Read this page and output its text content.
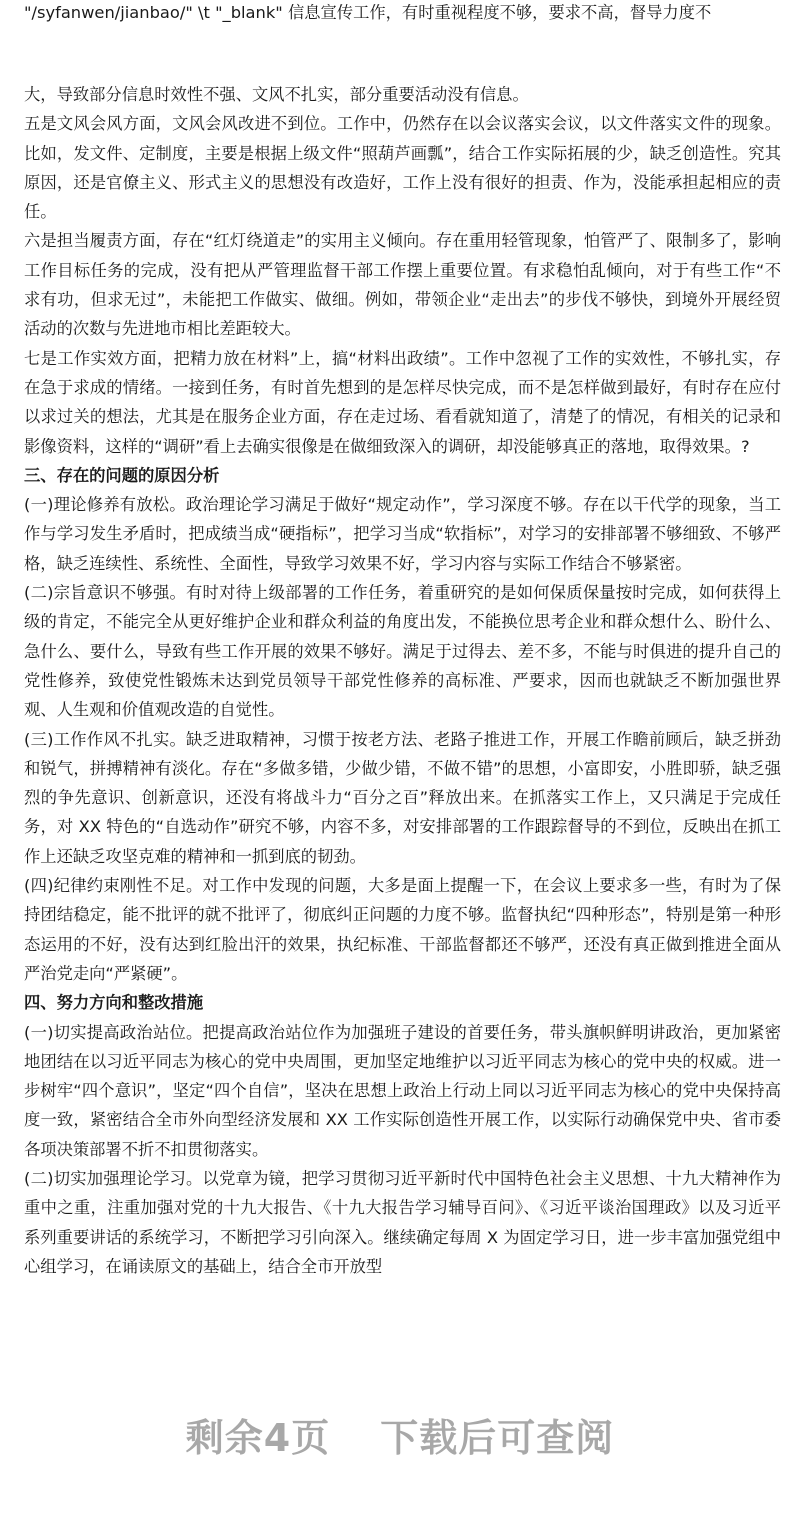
"/syfanwen/jianbao/" \t "_blank" 信息宣传工作，有时重视程度不够，要求不高，督导力度不

大，导致部分信息时效性不强、文风不扎实，部分重要活动没有信息。

五是文风会风方面，文风会风改进不到位。工作中，仍然存在以会议落实会议，以文件落实文件的现象。比如，发文件、定制度，主要是根据上级文件“照葫芦画瓢”，结合工作实际拓展的少，缺乏创造性。究其原因，还是官僚主义、形式主义的思想没有改造好，工作上没有很好的担责、作为，没能承担起相应的责任。

六是担当履责方面，存在“红灯绕道走”的实用主义倾向。存在重用轻管现象，怕管严了、限制多了，影响工作目标任务的完成，没有把从严管理监督干部工作摆上重要位置。有求稳怕乱倾向，对于有些工作“不求有功，但求无过”，未能把工作做实、做细。例如，带领企业“走出去”的步伐不够快，到境外开展经贸活动的次数与先进地市相比差距较大。

七是工作实效方面，把精力放在材料”上，搞“材料出政绩”。工作中忽视了工作的实效性，不够扎实，存在急于求成的情绪。一接到任务，有时首先想到的是怎样尽快完成，而不是怎样做到最好，有时存在应付以求过关的想法，尤其是在服务企业方面，存在走过场、看看就知道了，清楚了的情况，有相关的记录和影像资料，这样的“调研”看上去确实很像是在做细致深入的调研，却没能够真正的落地，取得效果。?

三、存在的问题的原因分析

(一)理论修养有放松。政治理论学习满足于做好“规定动作”，学习深度不够。存在以干代学的现象，当工作与学习发生矛盾时，把成绩当成“硬指标”，把学习当成“软指标”，对学习的安排部署不够细致、不够严格，缺乏连续性、系统性、全面性，导致学习效果不好，学习内容与实际工作结合不够紧密。

(二)宗旨意识不够强。有时对待上级部署的工作任务，着重研究的是如何保质保量按时完成，如何获得上级的肯定，不能完全从更好维护企业和群众利益的角度出发，不能换位思考企业和群众想什么、盼什么、急什么、要什么，导致有些工作开展的效果不够好。满足于过得去、差不多，不能与时俱进的提升自己的党性修养，致使党性锻炼未达到党员领导干部党性修养的高标准、严要求，因而也就缺乏不断加强世界观、人生观和价值观改造的自觉性。

(三)工作作风不扎实。缺乏进取精神，习惯于按老方法、老路子推进工作，开展工作瞻前顾后，缺乏拼劲和锐气，拼搏精神有淡化。存在“多做多错，少做少错，不做不错”的思想，小富即安，小胜即骄，缺乏强烈的争先意识、创新意识，还没有将战斗力“百分之百”释放出来。在抓落实工作上，又只满足于完成任务，对 XX 特色的“自选动作”研究不够，内容不多，对安排部署的工作跟踪督导的不到位，反映出在抓工作上还缺乏攻坚克难的精神和一抓到底的韧劲。

(四)纪律约束刚性不足。对工作中发现的问题，大多是面上提醒一下，在会议上要求多一些，有时为了保持团结稳定，能不批评的就不批评了，彻底纠正问题的力度不够。监督执纪“四种形态”，特别是第一种形态运用的不好，没有达到红脸出汗的效果，执纪标准、干部监督都还不够严，还没有真正做到推进全面从严治党走向“严紧硬”。

四、努力方向和整改措施

(一)切实提高政治站位。把提高政治站位作为加强班子建设的首要任务，带头旗帜鲜明讲政治，更加紧密地团结在以习近平同志为核心的党中央周围，更加坚定地维护以习近平同志为核心的党中央的权威。进一步树牢“四个意识”，坚定“四个自信”，坚决在思想上政治上行动上同以习近平同志为核心的党中央保持高度一致，紧密结合全市外向型经济发展和 XX 工作实际创造性开展工作，以实际行动确保党中央、省市委各项决策部署不折不扣贯彻落实。

(二)切实加强理论学习。以党章为镜，把学习贯彻习近平新时代中国特色社会主义思想、十九大精神作为重中之重，注重加强对党的十九大报告、《十九大报告学习辅导百问》、《习近平谈治国理政》以及习近平系列重要讲话的系统学习，不断把学习引向深入。继续确定每周 X 为固定学习日，进一步丰富加强党组中心组学习，在诵读原文的基础上，结合全市开放型

剩余4页 下载后可查阅
